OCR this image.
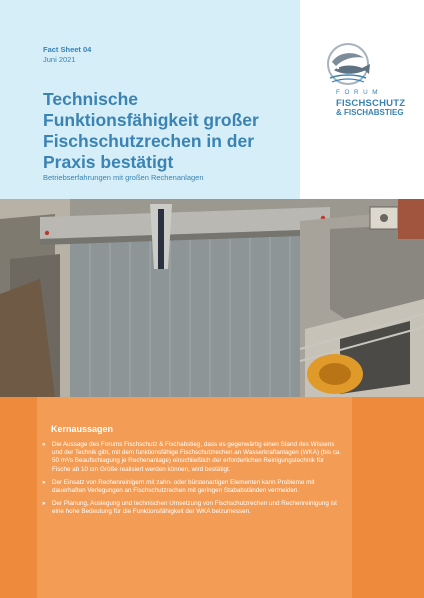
Fact Sheet 04
Juni 2021
Technische
Funktionsfähigkeit großer
Fischschutzrechen in der
Praxis bestätigt
Betriebserfahrungen mit großen Rechenanlagen
FORUM
FISCHSCHUTZ
& FISCHABSTIEG
Kernaussagen
» Die Aussage des Forums Fischschutz & Fischabstieg, dass es gegenwärtig einen Stand des Wissens und der Technik gibt, mit dem funktionsfähige Fischschutzrechen an Wasserkraftanlagen (WKA) (bis ca. 50 m³/s Beaufschlagung je Rechenanlage) einschließlich der erforderlichen Reinigungstechnik für Fische ab 10 cm Größe realisiert werden können, wird bestätigt.
» Der Einsatz von Rechenreinigern mit zahn- oder bürstenartigen Elementen kann Probleme mit dauerhaften Verlegungen an Fischschutzrechen mit geringen Stababständen vermeiden.
» Der Planung, Auslegung und technischen Umsetzung von Fischschutzrechen und Rechenreinigung ist eine hohe Bedeutung für die Funktionsfähigkeit der WKA beizumessen.
